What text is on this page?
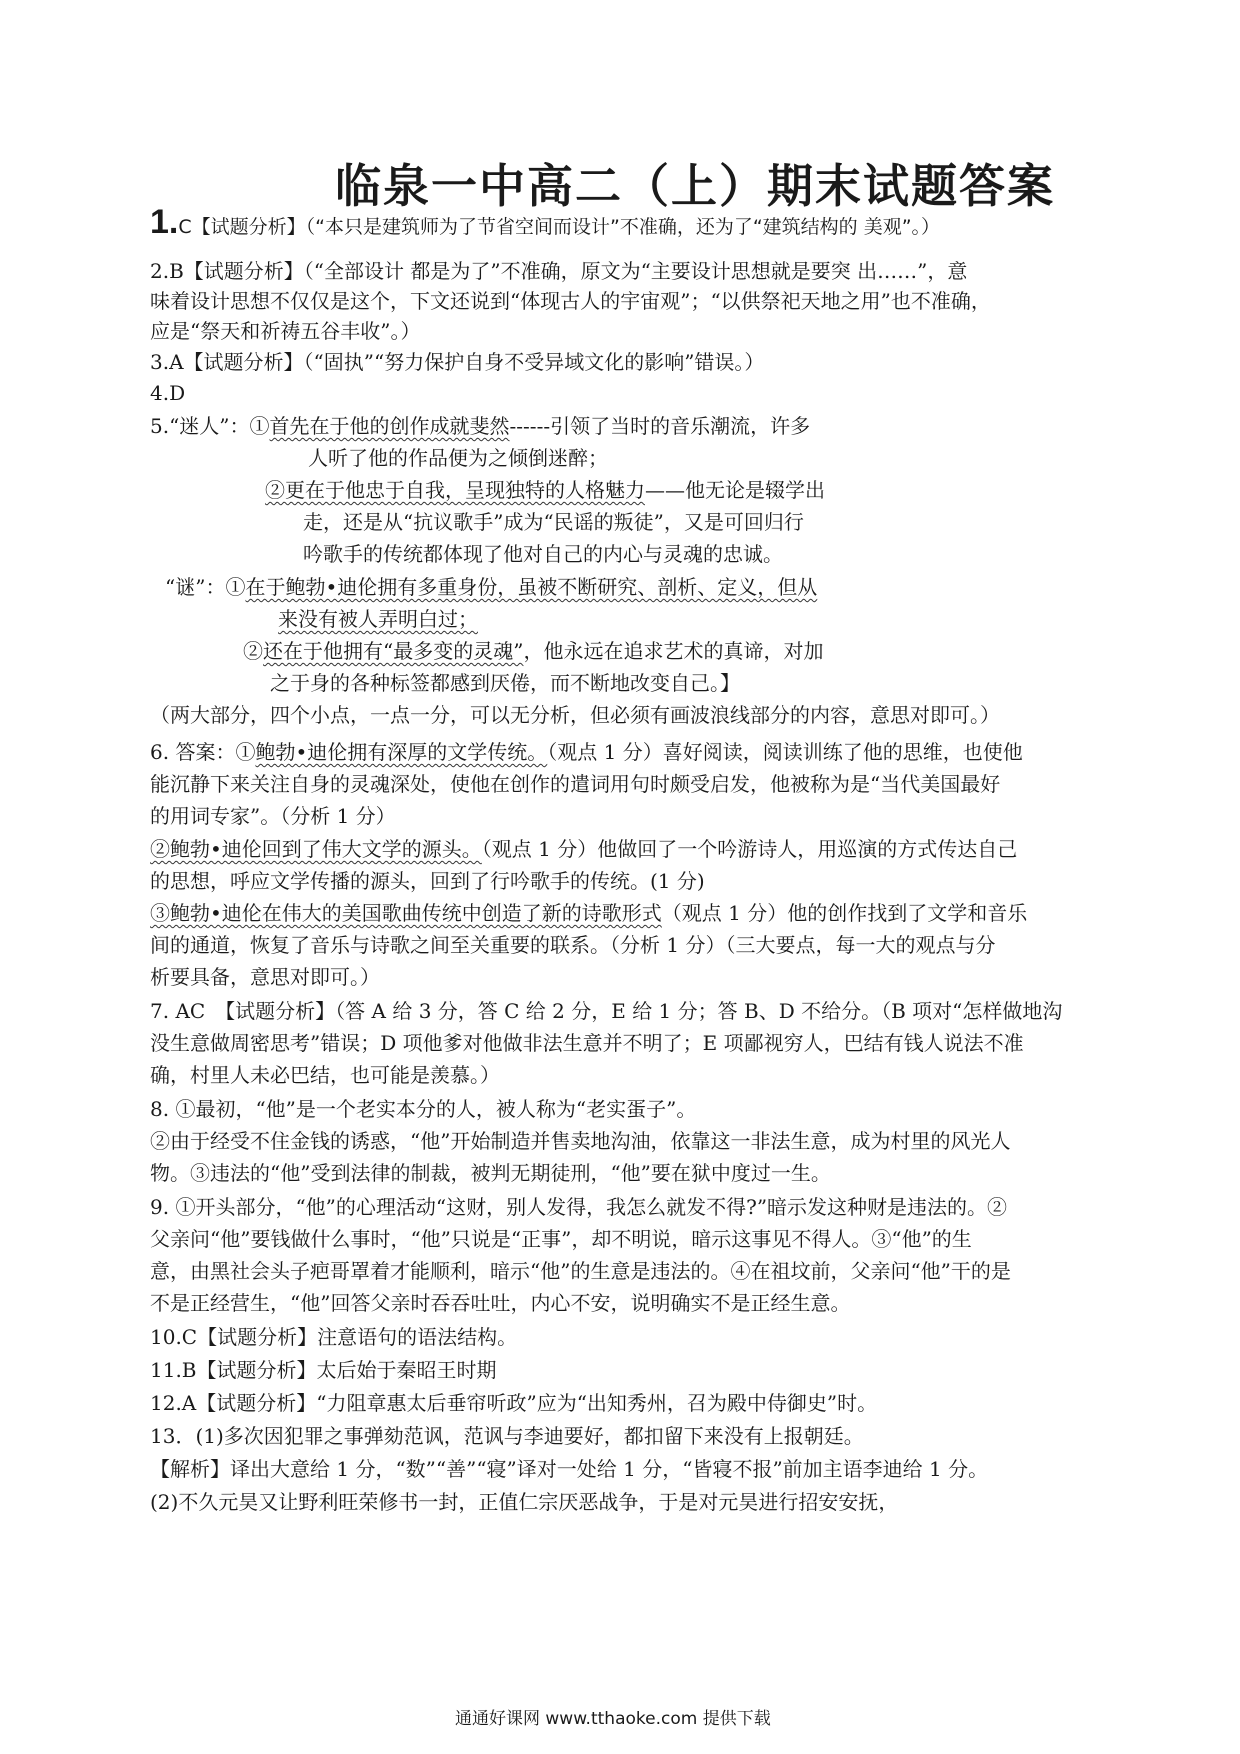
临泉一中高二（上）期末试题答案
1.C【试题分析】（“本只是建筑师为了节省空间而设计”不准确，还为了“建筑结构的 美观”。）
2.B【试题分析】（“全部设计 都是为了”不准确，原文为“主要设计思想就是要突 出……”，意
味着设计思想不仅仅是这个，下文还说到“体现古人的宇宙观”；“以供祭祀天地之用”也不准确，
应是“祭天和祈祷五谷丰收”。）
3.A【试题分析】（“固执”“努力保护自身不受异域文化的影响”错误。）
4.D
5.“迷人”：①首先在于他的创作成就斐然------引领了当时的音乐潮流，许多
人听了他的作品便为之倾倒迷醉；
②更在于他忠于自我，呈现独特的人格魅力——他无论是辍学出
走，还是从“抗议歌手”成为“民谣的叛徒”，又是可回归行
吟歌手的传统都体现了他对自己的内心与灵魂的忠诚。
“谜”：①在于鲍勃•迪伦拥有多重身份，虽被不断研究、剖析、定义，但从
来没有被人弄明白过；
②还在于他拥有“最多变的灵魂”，他永远在追求艺术的真谛，对加
之于身的各种标签都感到厌倦，而不断地改变自己。】
（两大部分，四个小点，一点一分，可以无分析，但必须有画波浪线部分的内容，意思对即可。）
6. 答案：①鲍勃•迪伦拥有深厚的文学传统。（观点 1 分）喜好阅读，阅读训练了他的思维，也使他
能沉静下来关注自身的灵魂深处，使他在创作的遣词用句时颇受启发，他被称为是“当代美国最好
的用词专家”。（分析 1 分）
②鲍勃•迪伦回到了伟大文学的源头。（观点 1 分）他做回了一个吟游诗人，用巡演的方式传达自己
的思想，呼应文学传播的源头，回到了行吟歌手的传统。(1 分)
③鲍勃•迪伦在伟大的美国歌曲传统中创造了新的诗歌形式（观点 1 分）他的创作找到了文学和音乐
间的通道，恢复了音乐与诗歌之间至关重要的联系。（分析 1 分）（三大要点，每一大的观点与分
析要具备，意思对即可。）
7. AC　【试题分析】（答 A 给 3 分，答 C 给 2 分，E 给 1 分；答 B、D 不给分。（B 项对“怎样做地沟
没生意做周密思考”错误；D 项他爹对他做非法生意并不明了；E 项鄙视穷人，巴结有钱人说法不准
确，村里人未必巴结，也可能是羡慕。）
8. ①最初，“他”是一个老实本分的人，被人称为“老实蛋子”。
②由于经受不住金钱的诱惑，“他”开始制造并售卖地沟油，依靠这一非法生意，成为村里的风光人
物。③违法的“他”受到法律的制裁，被判无期徒刑，“他”要在狱中度过一生。
9. ①开头部分，“他”的心理活动“这财，别人发得，我怎么就发不得?”暗示发这种财是违法的。②
父亲问“他”要钱做什么事时，“他”只说是“正事”，却不明说，暗示这事见不得人。③“他”的生
意，由黑社会头子疤哥罩着才能顺利，暗示“他”的生意是违法的。④在祖坟前，父亲问“他”干的是
不是正经营生，“他”回答父亲时吞吞吐吐，内心不安，说明确实不是正经生意。
10.C【试题分析】注意语句的语法结构。
11.B【试题分析】太后始于秦昭王时期
12.A【试题分析】“力阻章惠太后垂帘听政”应为“出知秀州，召为殿中侍御史”时。
13．(1)多次因犯罪之事弹劾范讽，范讽与李迪要好，都扣留下来没有上报朝廷。
【解析】译出大意给 1 分，“数”“善”“寝”译对一处给 1 分，“皆寝不报”前加主语李迪给 1 分。
(2)不久元昊又让野利旺荣修书一封，正值仁宗厌恶战争，于是对元昊进行招安安抚，
通通好课网 www.tthaoke.com 提供下载
